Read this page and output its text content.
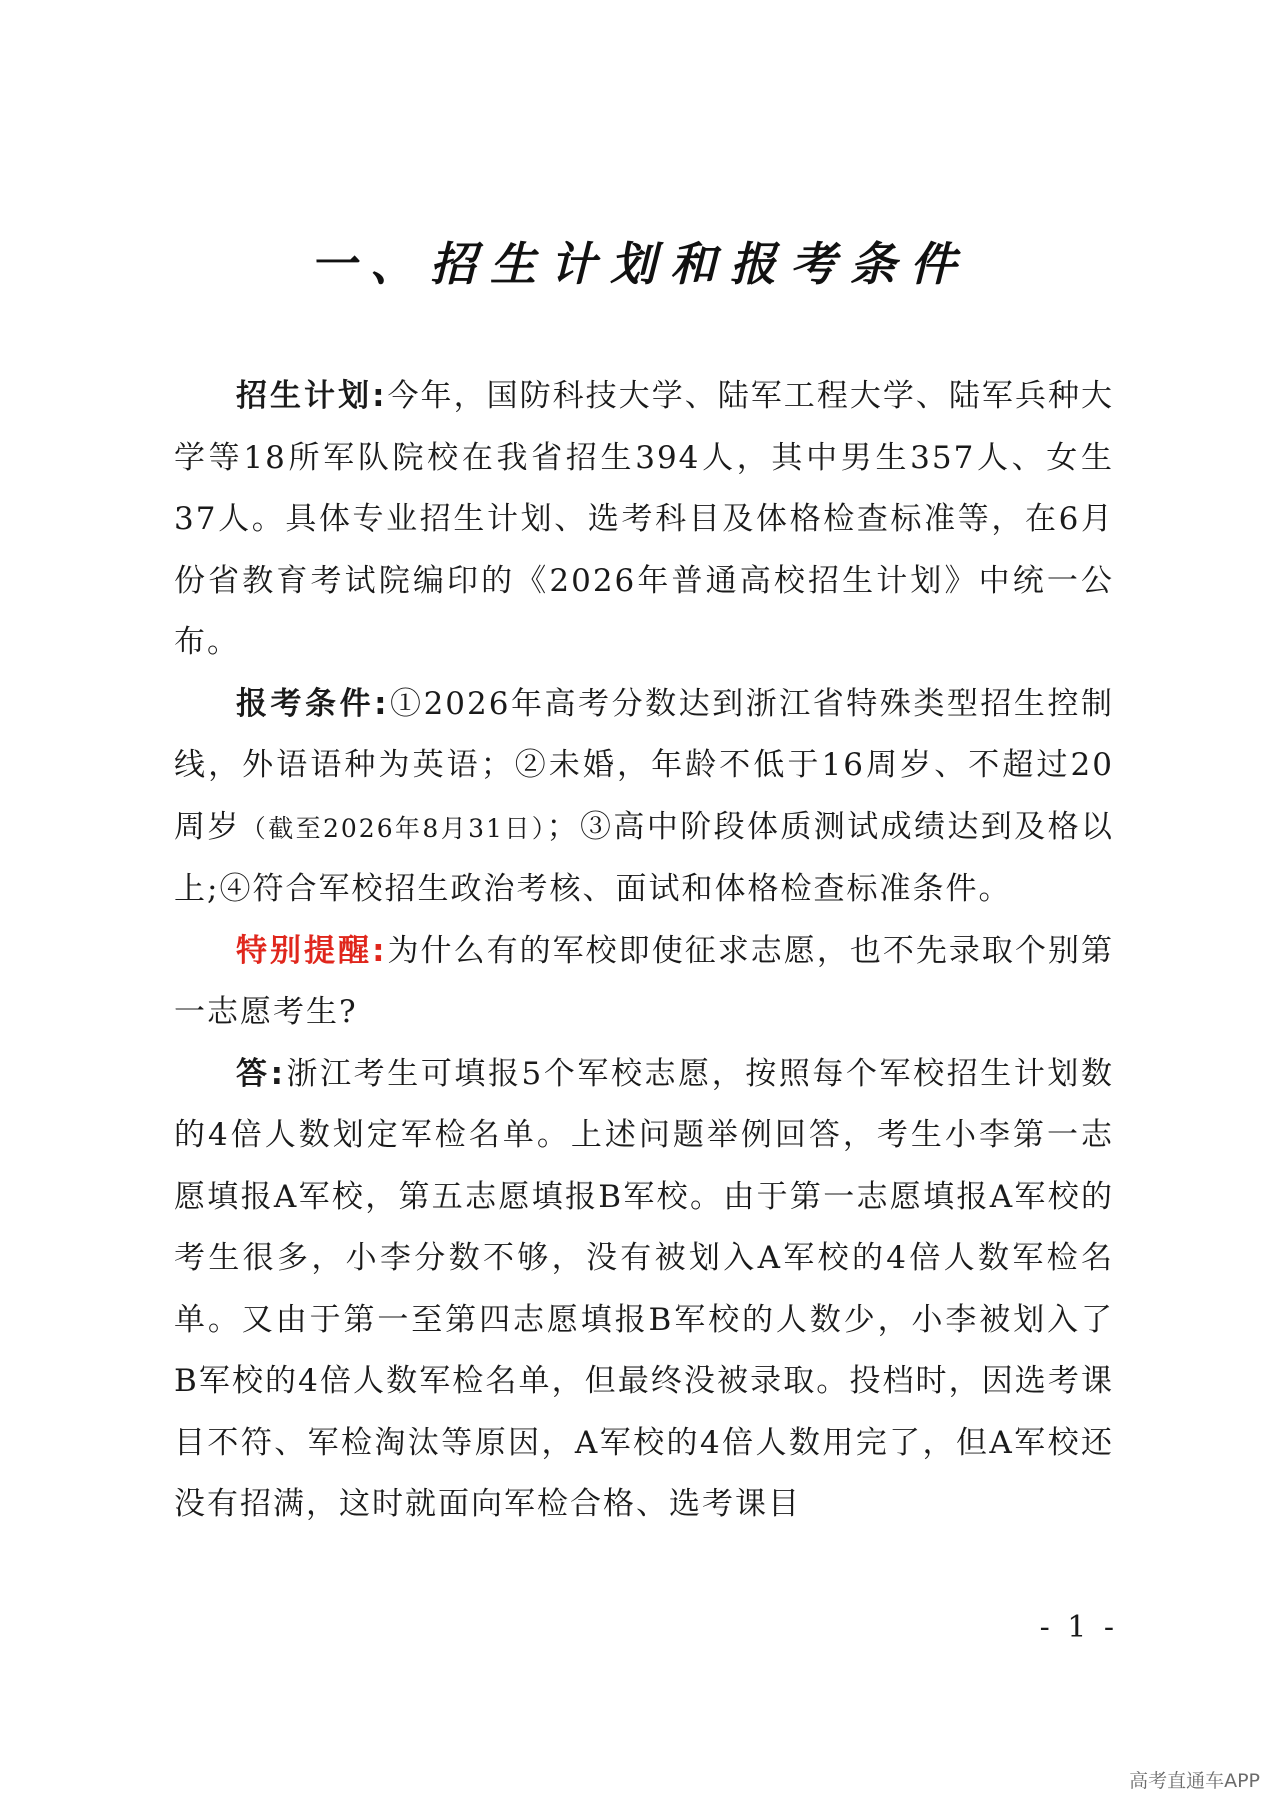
一、招生计划和报考条件

招生计划:今年，国防科技大学、陆军工程大学、陆军兵种大学等18所军队院校在我省招生394人，其中男生357人、女生37人。具体专业招生计划、选考科目及体格检查标准等，在6月份省教育考试院编印的《2026年普通高校招生计划》中统一公布。

报考条件:①2026年高考分数达到浙江省特殊类型招生控制线，外语语种为英语；②未婚，年龄不低于16周岁、不超过20周岁（截至2026年8月31日）；③高中阶段体质测试成绩达到及格以上;④符合军校招生政治考核、面试和体格检查标准条件。

特别提醒:为什么有的军校即使征求志愿，也不先录取个别第一志愿考生?

答:浙江考生可填报5个军校志愿，按照每个军校招生计划数的4倍人数划定军检名单。上述问题举例回答，考生小李第一志愿填报A军校，第五志愿填报B军校。由于第一志愿填报A军校的考生很多，小李分数不够，没有被划入A军校的4倍人数军检名单。又由于第一至第四志愿填报B军校的人数少，小李被划入了B军校的4倍人数军检名单，但最终没被录取。投档时，因选考课目不符、军检淘汰等原因，A军校的4倍人数用完了，但A军校还没有招满，这时就面向军检合格、选考课目

- 1 -
高考直通车APP
